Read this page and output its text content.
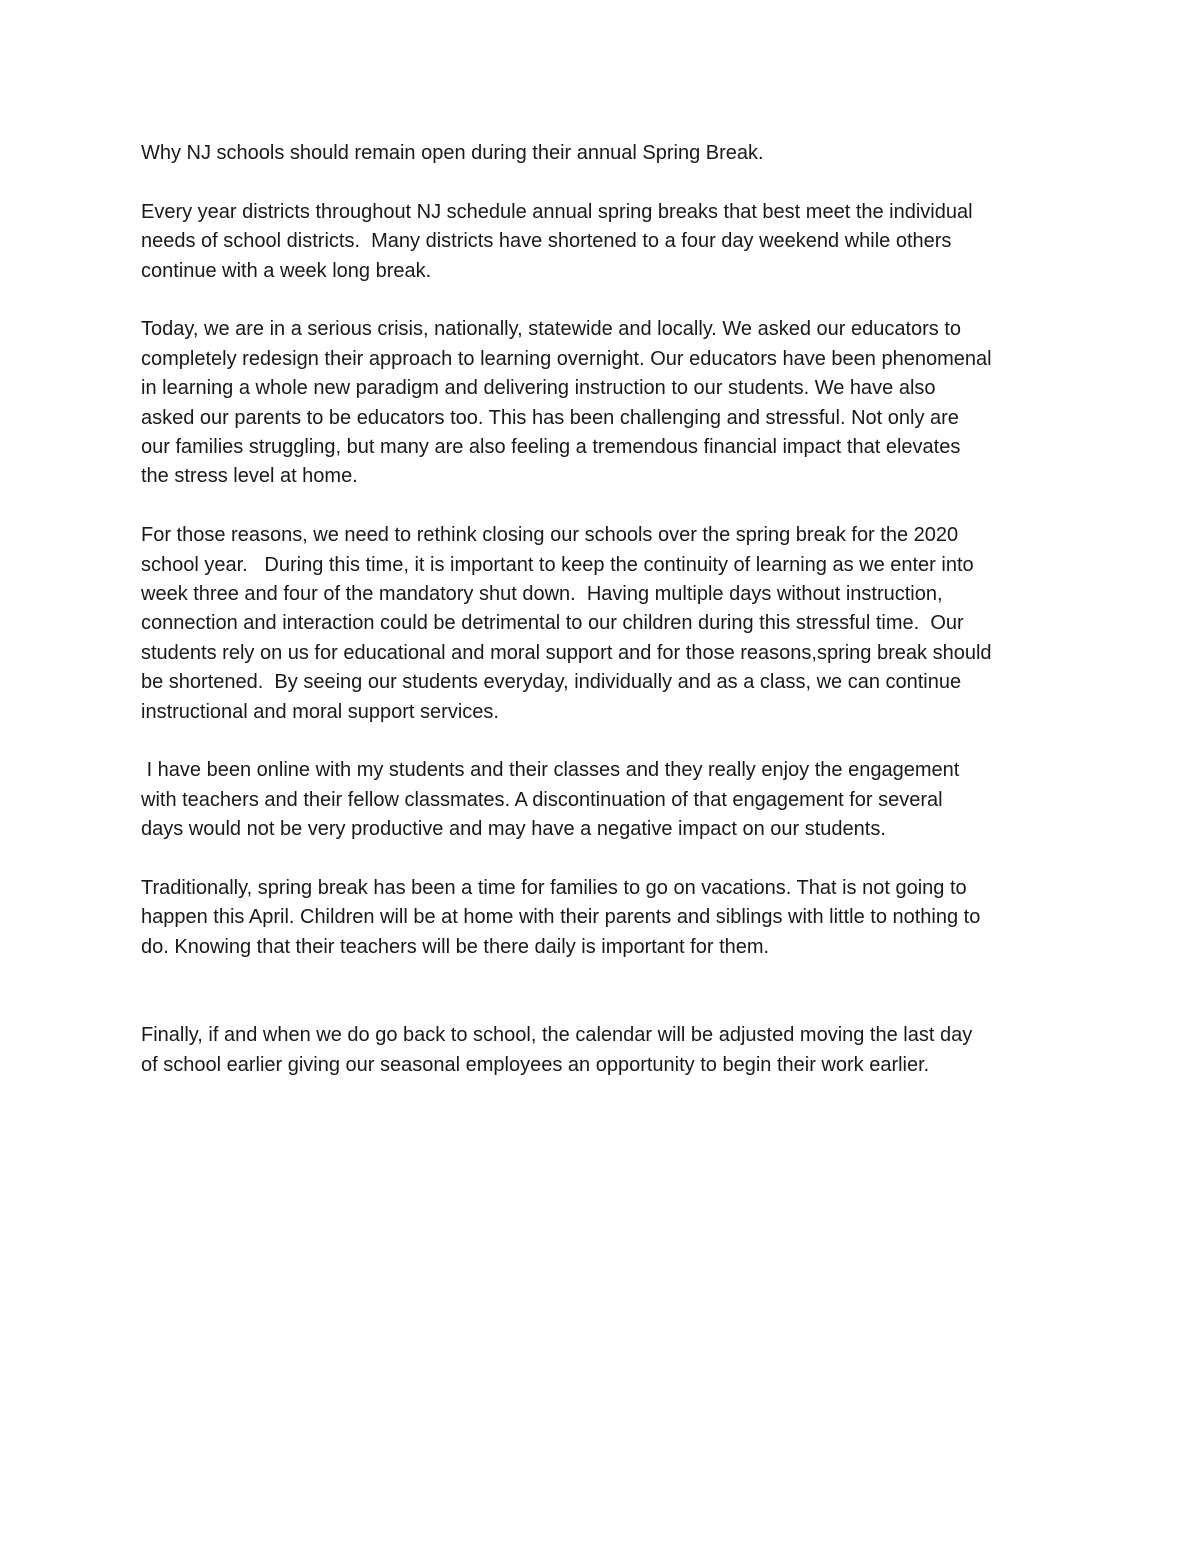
Why NJ schools should remain open during their annual Spring Break.

Every year districts throughout NJ schedule annual spring breaks that best meet the individual
needs of school districts.  Many districts have shortened to a four day weekend while others
continue with a week long break.

Today, we are in a serious crisis, nationally, statewide and locally. We asked our educators to
completely redesign their approach to learning overnight. Our educators have been phenomenal
in learning a whole new paradigm and delivering instruction to our students. We have also
asked our parents to be educators too. This has been challenging and stressful. Not only are
our families struggling, but many are also feeling a tremendous financial impact that elevates
the stress level at home.

For those reasons, we need to rethink closing our schools over the spring break for the 2020
school year.   During this time, it is important to keep the continuity of learning as we enter into
week three and four of the mandatory shut down.  Having multiple days without instruction,
connection and interaction could be detrimental to our children during this stressful time.  Our
students rely on us for educational and moral support and for those reasons,spring break should
be shortened.  By seeing our students everyday, individually and as a class, we can continue
instructional and moral support services.

I have been online with my students and their classes and they really enjoy the engagement
with teachers and their fellow classmates. A discontinuation of that engagement for several
days would not be very productive and may have a negative impact on our students.

Traditionally, spring break has been a time for families to go on vacations. That is not going to
happen this April. Children will be at home with their parents and siblings with little to nothing to
do. Knowing that their teachers will be there daily is important for them.

Finally, if and when we do go back to school, the calendar will be adjusted moving the last day
of school earlier giving our seasonal employees an opportunity to begin their work earlier.
